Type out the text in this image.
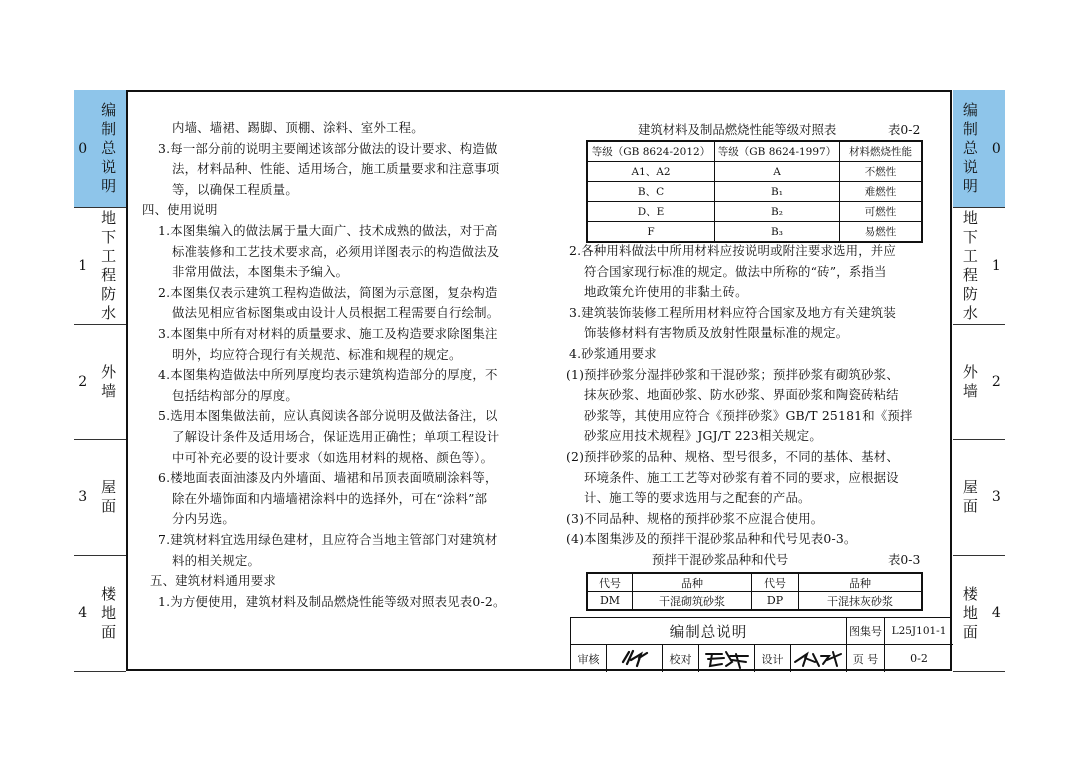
0
编
制
总
说
明
1
地
下
工
程
防
水
2
外
墙
3
屋
面
4
楼
地
面
0
编
制
总
说
明
1
地
下
工
程
防
水
2
外
墙
3
屋
面
4
楼
地
面
内墙、墙裙、踢脚、顶棚、涂料、室外工程。
3.每一部分前的说明主要阐述该部分做法的设计要求、构造做
法，材料品种、性能、适用场合，施工质量要求和注意事项
等，以确保工程质量。
四、使用说明
1.本图集编入的做法属于量大面广、技术成熟的做法，对于高
标准装修和工艺技术要求高，必须用详图表示的构造做法及
非常用做法，本图集未予编入。
2.本图集仅表示建筑工程构造做法，简图为示意图，复杂构造
做法见相应省标图集或由设计人员根据工程需要自行绘制。
3.本图集中所有对材料的质量要求、施工及构造要求除图集注
明外，均应符合现行有关规范、标准和规程的规定。
4.本图集构造做法中所列厚度均表示建筑构造部分的厚度，不
包括结构部分的厚度。
5.选用本图集做法前，应认真阅读各部分说明及做法备注，以
了解设计条件及适用场合，保证选用正确性；单项工程设计
中可补充必要的设计要求（如选用材料的规格、颜色等）。
6.楼地面表面油漆及内外墙面、墙裙和吊顶表面喷刷涂料等，
除在外墙饰面和内墙墙裙涂料中的选择外，可在“涂料”部
分内另选。
7.建筑材料宜选用绿色建材，且应符合当地主管部门对建筑材
料的相关规定。
五、建筑材料通用要求
1.为方便使用，建筑材料及制品燃烧性能等级对照表见表0-2。
建筑材料及制品燃烧性能等级对照表	表0-2
等级（GB 8624-2012）	等级（GB 8624-1997）	材料燃烧性能
A1、A2	A	不燃性
B、C	B₁	难燃性
D、E	B₂	可燃性
F	B₃	易燃性
2.各种用料做法中所用材料应按说明或附注要求选用，并应
符合国家现行标准的规定。做法中所称的“砖”，系指当
地政策允许使用的非黏土砖。
3.建筑装饰装修工程所用材料应符合国家及地方有关建筑装
饰装修材料有害物质及放射性限量标准的规定。
4.砂浆通用要求
(1)预拌砂浆分湿拌砂浆和干混砂浆；预拌砂浆有砌筑砂浆、
抹灰砂浆、地面砂浆、防水砂浆、界面砂浆和陶瓷砖粘结
砂浆等，其使用应符合《预拌砂浆》GB/T 25181和《预拌
砂浆应用技术规程》JGJ/T 223相关规定。
(2)预拌砂浆的品种、规格、型号很多，不同的基体、基材、
环境条件、施工工艺等对砂浆有着不同的要求，应根据设
计、施工等的要求选用与之配套的产品。
(3)不同品种、规格的预拌砂浆不应混合使用。
(4)本图集涉及的预拌干混砂浆品种和代号见表0-3。
预拌干混砂浆品种和代号	表0-3
代号	品种	代号	品种
DM	干混砌筑砂浆	DP	干混抹灰砂浆
编制总说明	图集号 L25J101-1
审核	校对	设计	页 号	0-2
